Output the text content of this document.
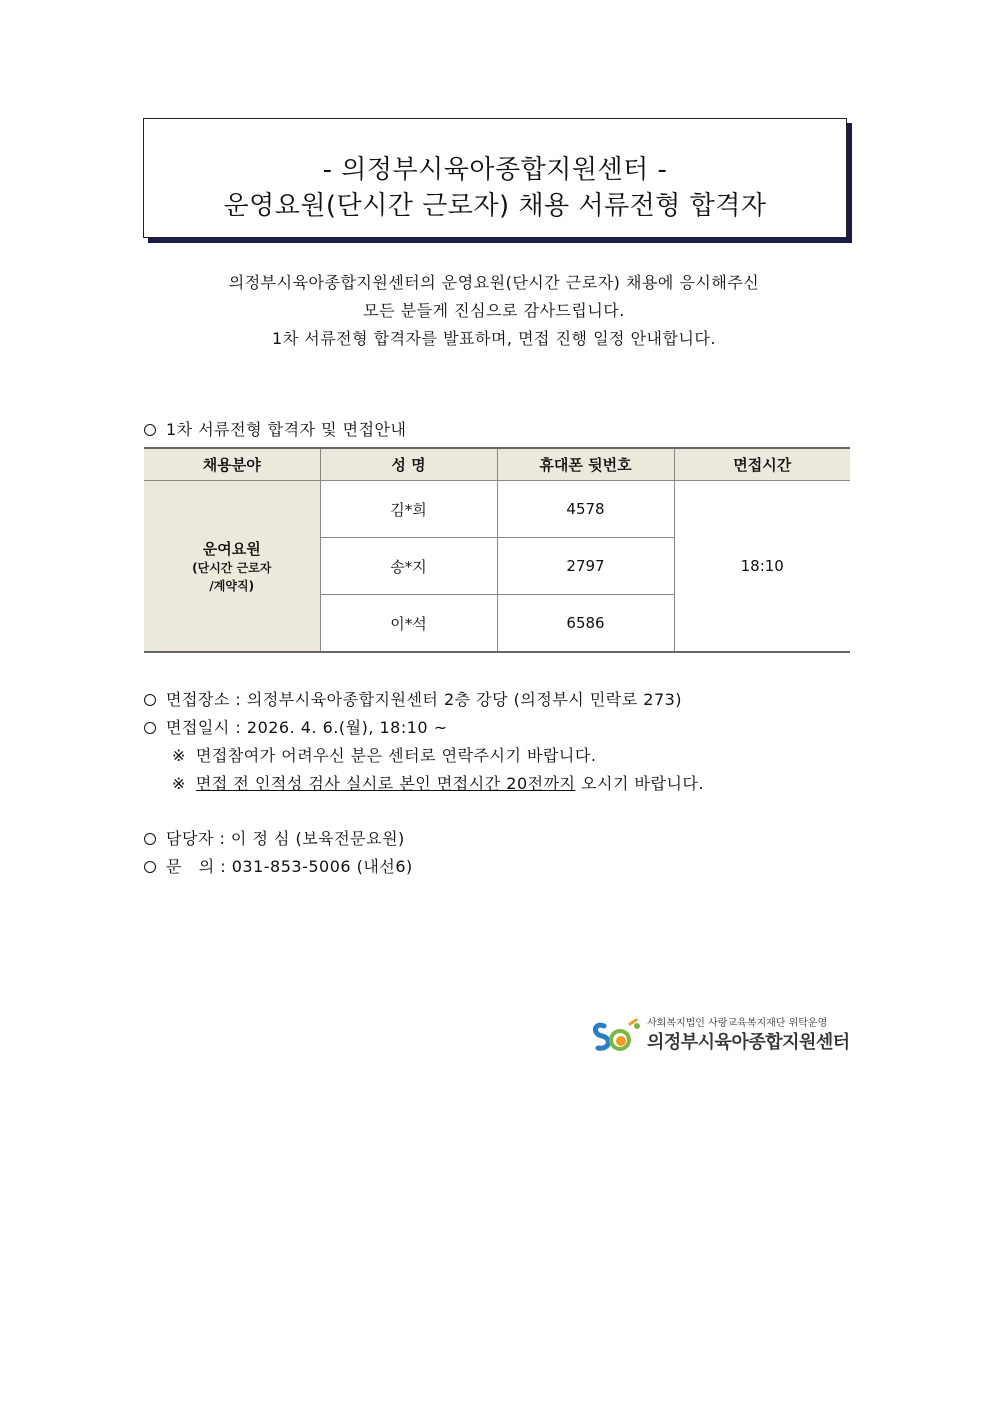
- 의정부시육아종합지원센터 -
운영요원(단시간 근로자) 채용 서류전형 합격자
의정부시육아종합지원센터의 운영요원(단시간 근로자) 채용에 응시해주신
모든 분들게 진심으로 감사드립니다.
1차 서류전형 합격자를 발표하며, 면접 진행 일정 안내합니다.
1차 서류전형 합격자 및 면접안내
채용분야	성 명	휴대폰 뒷번호	면접시간

운여요원
(단시간 근로자
/계약직)	김*희	4578	18:10
	송*지	2797	
	이*석	6586	
면접장소 : 의정부시육아종합지원센터 2층 강당 (의정부시 민락로 273)
면접일시 : 2026. 4. 6.(월), 18:10 ~
※ 면접참여가 어려우신 분은 센터로 연락주시기 바랍니다.
※ 면접 전 인적성 검사 실시로 본인 면접시간 20전까지 오시기 바랍니다.
담당자 : 이 정 심 (보육전문요원)
문   의 : 031-853-5006 (내선6)
사회복지법인 사랑교육복지재단 위탁운영
의정부시육아종합지원센터
